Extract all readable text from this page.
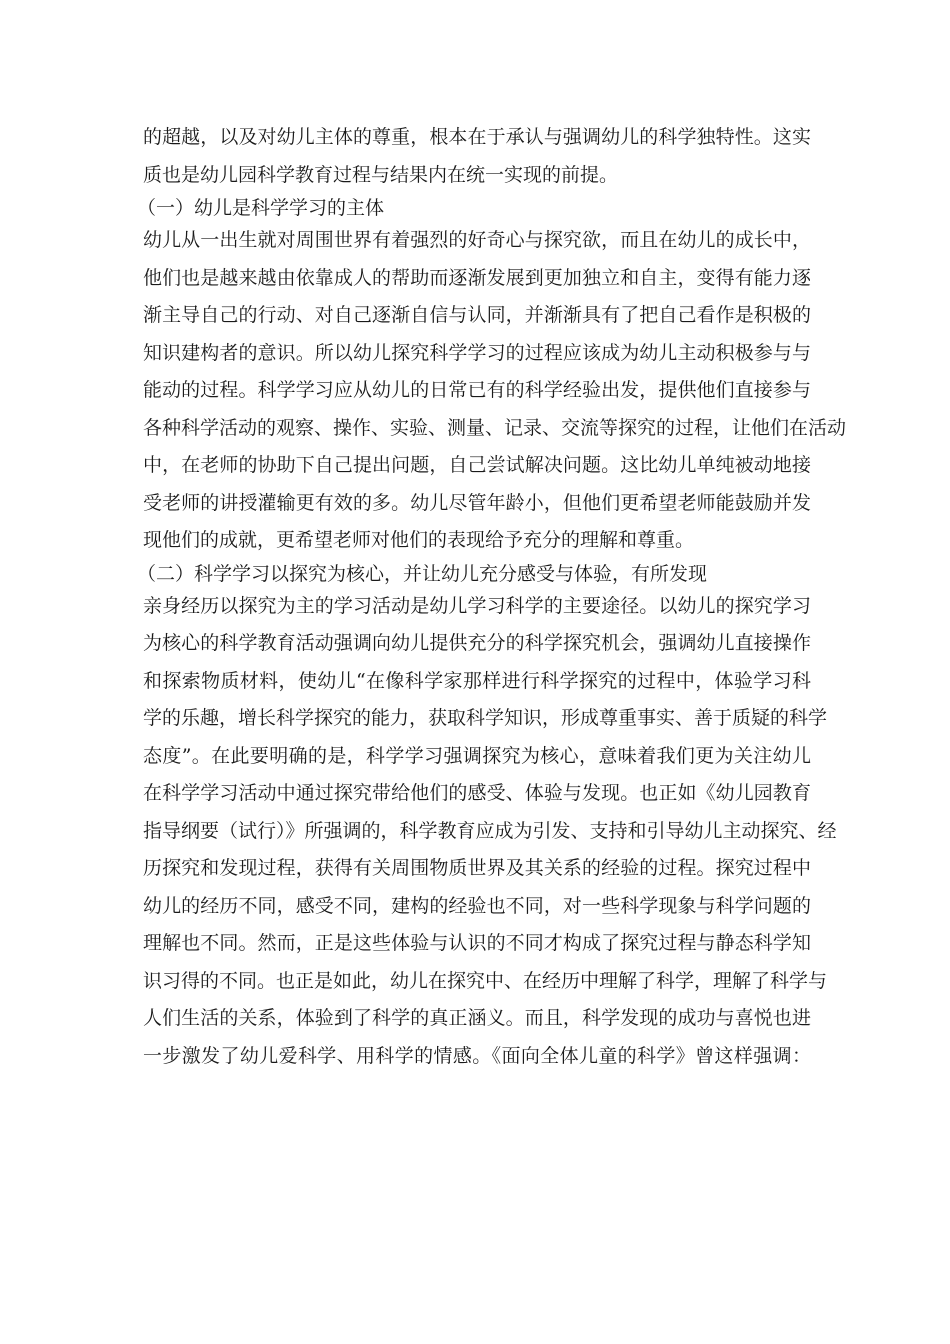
的超越，以及对幼儿主体的尊重，根本在于承认与强调幼儿的科学独特性。这实
质也是幼儿园科学教育过程与结果内在统一实现的前提。
（一）幼儿是科学学习的主体
幼儿从一出生就对周围世界有着强烈的好奇心与探究欲，而且在幼儿的成长中，
他们也是越来越由依靠成人的帮助而逐渐发展到更加独立和自主，变得有能力逐
渐主导自己的行动、对自己逐渐自信与认同，并渐渐具有了把自己看作是积极的
知识建构者的意识。所以幼儿探究科学学习的过程应该成为幼儿主动积极参与与
能动的过程。科学学习应从幼儿的日常已有的科学经验出发，提供他们直接参与
各种科学活动的观察、操作、实验、测量、记录、交流等探究的过程，让他们在活动
中，在老师的协助下自己提出问题，自己尝试解决问题。这比幼儿单纯被动地接
受老师的讲授灌输更有效的多。幼儿尽管年龄小，但他们更希望老师能鼓励并发
现他们的成就，更希望老师对他们的表现给予充分的理解和尊重。
（二）科学学习以探究为核心，并让幼儿充分感受与体验，有所发现
亲身经历以探究为主的学习活动是幼儿学习科学的主要途径。以幼儿的探究学习
为核心的科学教育活动强调向幼儿提供充分的科学探究机会，强调幼儿直接操作
和探索物质材料，使幼儿“在像科学家那样进行科学探究的过程中，体验学习科
学的乐趣，增长科学探究的能力，获取科学知识，形成尊重事实、善于质疑的科学
态度”。在此要明确的是，科学学习强调探究为核心，意味着我们更为关注幼儿
在科学学习活动中通过探究带给他们的感受、体验与发现。也正如《幼儿园教育
指导纲要（试行）》所强调的，科学教育应成为引发、支持和引导幼儿主动探究、经
历探究和发现过程，获得有关周围物质世界及其关系的经验的过程。探究过程中
幼儿的经历不同，感受不同，建构的经验也不同，对一些科学现象与科学问题的
理解也不同。然而，正是这些体验与认识的不同才构成了探究过程与静态科学知
识习得的不同。也正是如此，幼儿在探究中、在经历中理解了科学，理解了科学与
人们生活的关系，体验到了科学的真正涵义。而且，科学发现的成功与喜悦也进
一步激发了幼儿爱科学、用科学的情感。《面向全体儿童的科学》曾这样强调：
